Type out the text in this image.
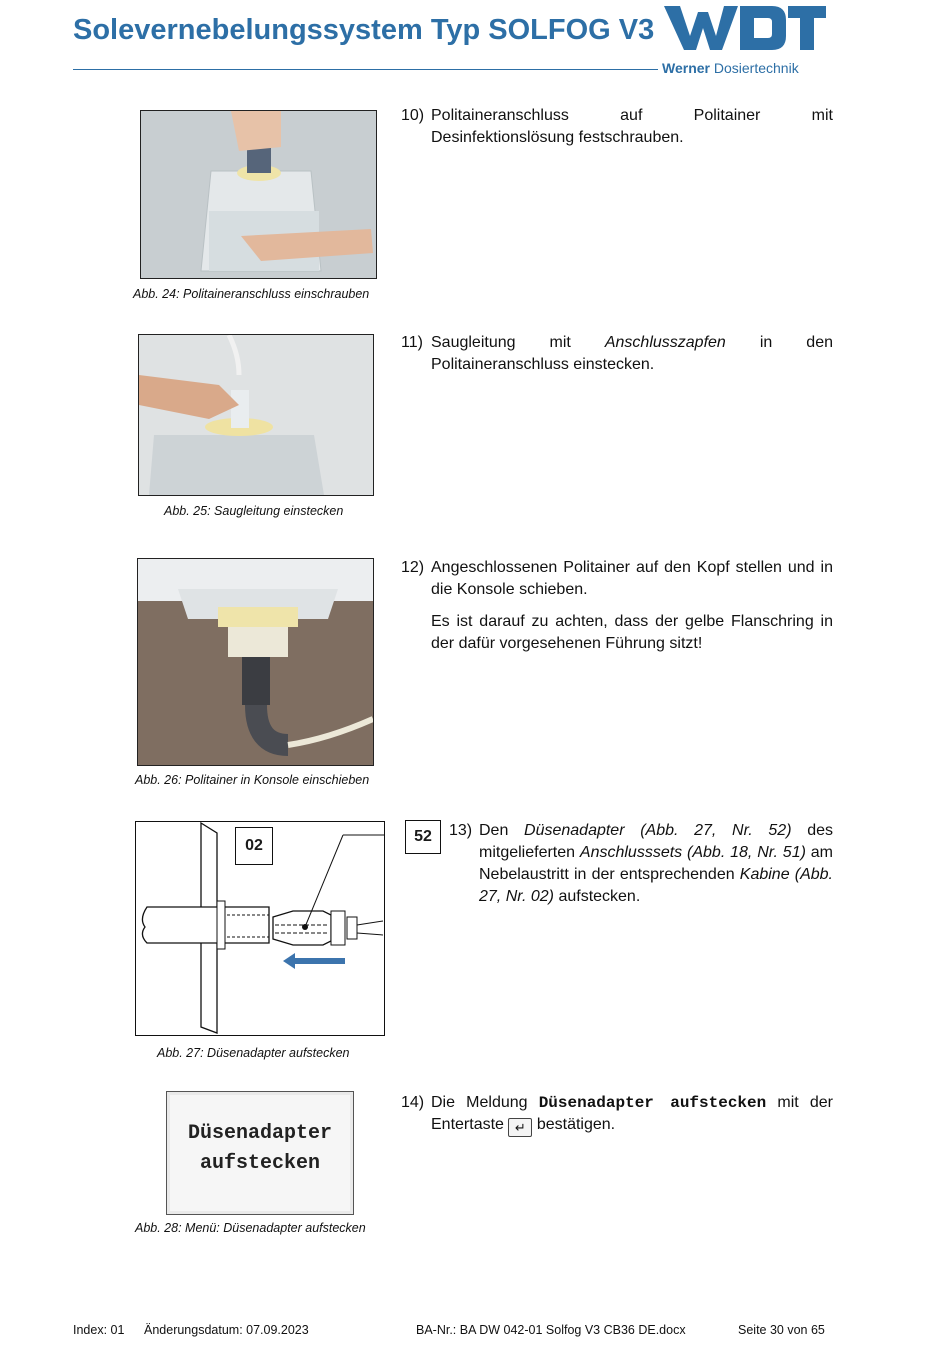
Solevernebelungssystem Typ SOLFOG V3
Werner Dosiertechnik
Abb. 24: Politaineranschluss einschrauben
10) Politaineranschluss auf Politainer mit Desinfektionslösung festschrauben.
Abb. 25: Saugleitung einstecken
11) Saugleitung mit Anschlusszapfen in den Politaineranschluss einstecken.
Abb. 26: Politainer in Konsole einschieben
12) Angeschlossenen Politainer auf den Kopf stellen und in die Konsole schieben.

Es ist darauf zu achten, dass der gelbe Flanschring in der dafür vorgesehenen Führung sitzt!

02
52
Abb. 27: Düsenadapter aufstecken
13) Den Düsenadapter (Abb. 27, Nr. 52) des mitgelieferten Anschlusssets (Abb. 18, Nr. 51) am Nebelaustritt in der entsprechenden Kabine (Abb. 27, Nr. 02) aufstecken.
Düsenadapter
aufstecken
Abb. 28: Menü: Düsenadapter aufstecken
14) Die Meldung Düsenadapter aufstecken mit der Entertaste ↵ bestätigen.
Index: 01 Änderungsdatum: 07.09.2023	BA-Nr.: BA DW 042-01 Solfog V3 CB36 DE.docx	Seite 30 von 65
